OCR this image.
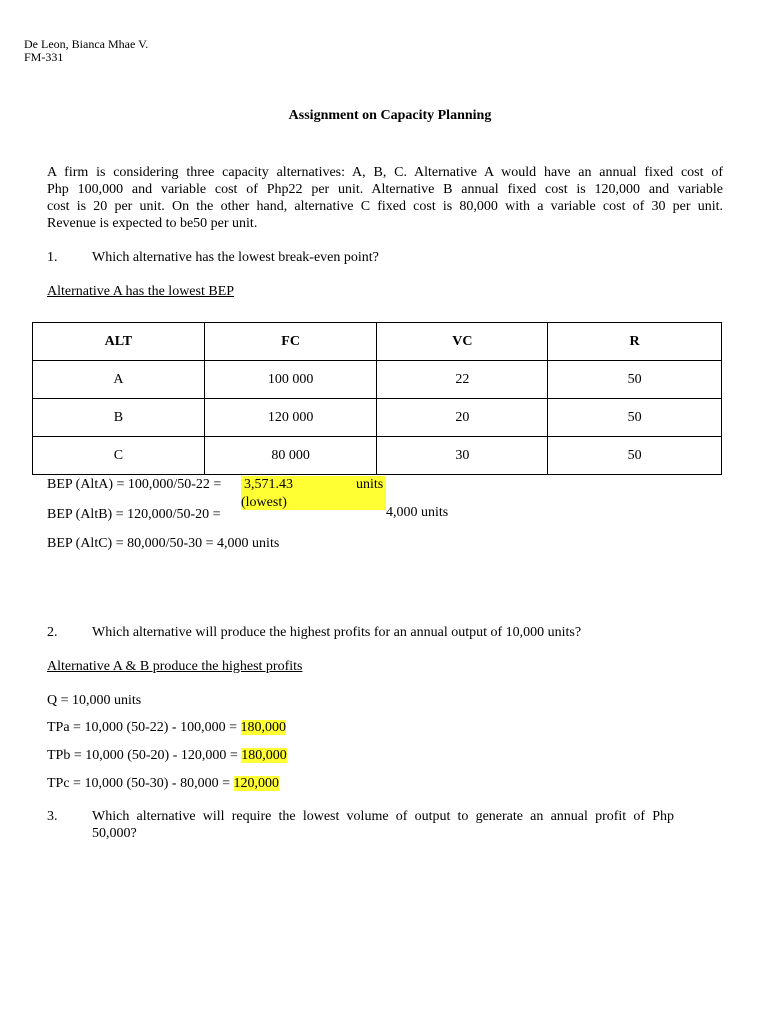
De Leon, Bianca Mhae V.
FM-331
Assignment on Capacity Planning
A firm is considering three capacity alternatives: A, B, C. Alternative A would have an annual fixed cost of
Php 100,000 and variable cost of Php22 per unit. Alternative B annual fixed cost is 120,000 and variable
cost is 20 per unit. On the other hand, alternative C fixed cost is 80,000 with a variable cost of 30 per unit.
Revenue is expected to be50 per unit.
1. Which alternative has the lowest break-even point?
Alternative A has the lowest BEP
ALT	FC	VC	R
A	100 000	22	50
B	120 000	20	50
C	80 000	30	50
BEP (AltA) = 100,000/50-22 = 3,571.43	units
(lowest)
BEP (AltB) = 120,000/50-20 =	4,000 units
BEP (AltC) = 80,000/50-30 = 4,000 units
2. Which alternative will produce the highest profits for an annual output of 10,000 units?
Alternative A & B produce the highest profits
Q = 10,000 units
TPa = 10,000 (50-22) - 100,000 = 180,000
TPb = 10,000 (50-20) - 120,000 = 180,000
TPc = 10,000 (50-30) - 80,000 = 120,000
3. Which alternative will require the lowest volume of output to generate an annual profit of Php
50,000?
